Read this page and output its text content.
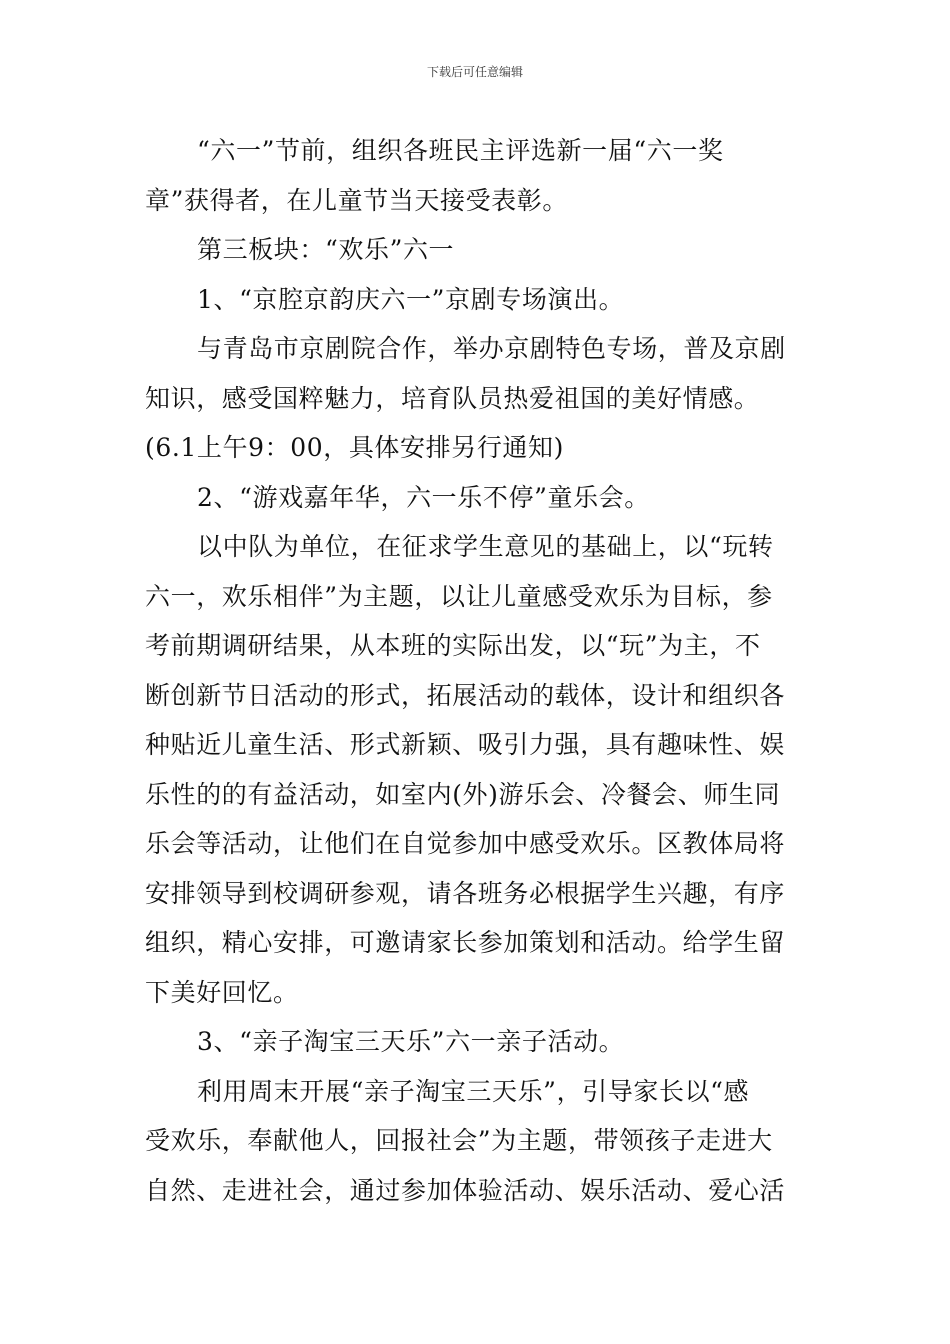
下载后可任意编辑
“六一”节前，组织各班民主评选新一届“六一奖
章”获得者，在儿童节当天接受表彰。
第三板块：“欢乐”六一
1、“京腔京韵庆六一”京剧专场演出。
与青岛市京剧院合作，举办京剧特色专场，普及京剧
知识，感受国粹魅力，培育队员热爱祖国的美好情感。
(6.1上午9：00，具体安排另行通知)
2、“游戏嘉年华，六一乐不停”童乐会。
以中队为单位，在征求学生意见的基础上，以“玩转
六一，欢乐相伴”为主题，以让儿童感受欢乐为目标，参
考前期调研结果，从本班的实际出发，以“玩”为主，不
断创新节日活动的形式，拓展活动的载体，设计和组织各
种贴近儿童生活、形式新颖、吸引力强，具有趣味性、娱
乐性的的有益活动，如室内(外)游乐会、冷餐会、师生同
乐会等活动，让他们在自觉参加中感受欢乐。区教体局将
安排领导到校调研参观，请各班务必根据学生兴趣，有序
组织，精心安排，可邀请家长参加策划和活动。给学生留
下美好回忆。
3、“亲子淘宝三天乐”六一亲子活动。
利用周末开展“亲子淘宝三天乐”，引导家长以“感
受欢乐，奉献他人，回报社会”为主题，带领孩子走进大
自然、走进社会，通过参加体验活动、娱乐活动、爱心活
